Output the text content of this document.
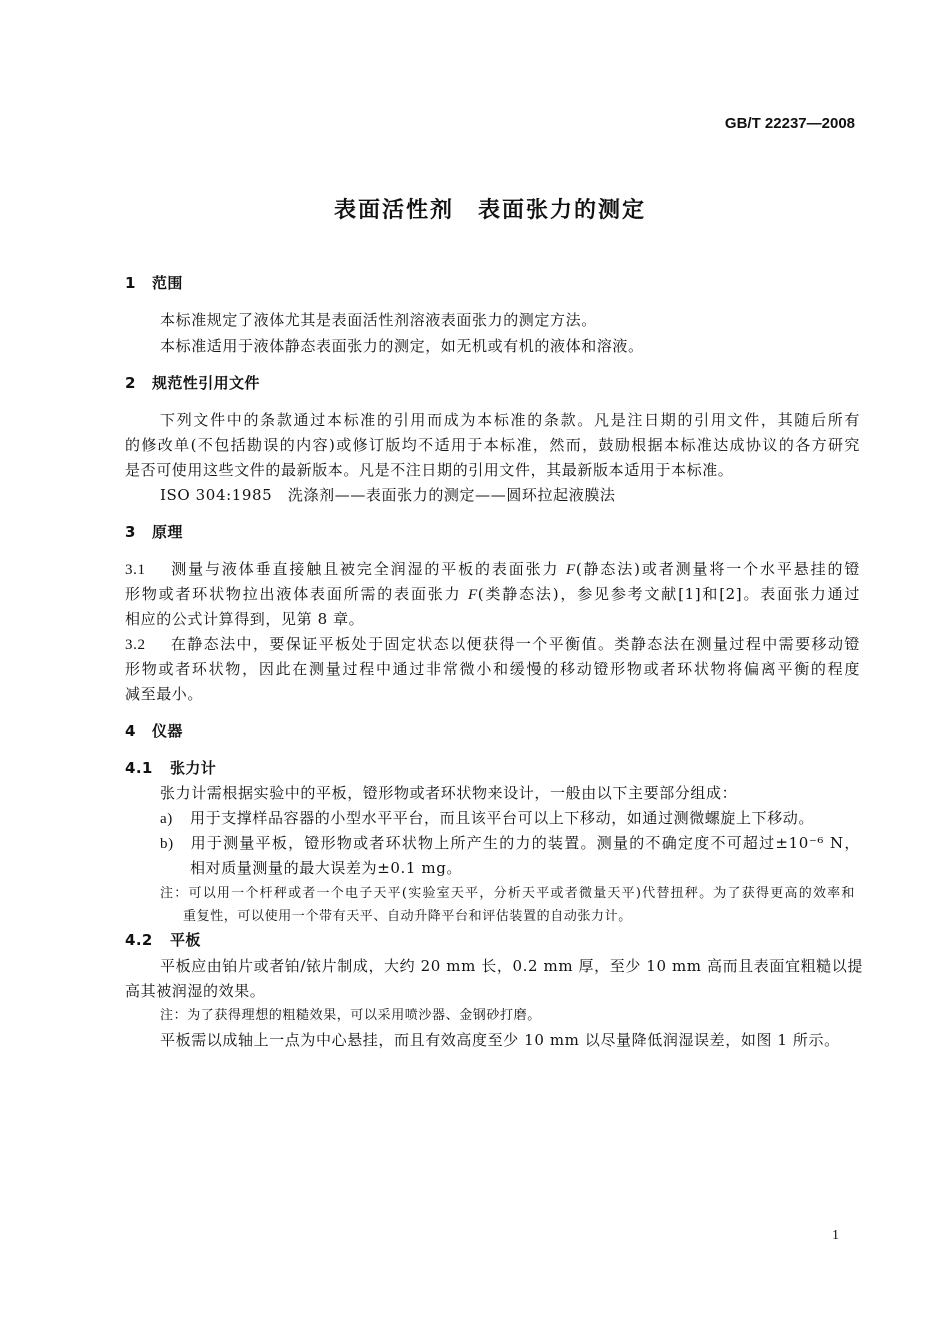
GB/T 22237—2008
表面活性剂　表面张力的测定
1 范围
本标准规定了液体尤其是表面活性剂溶液表面张力的测定方法。
本标准适用于液体静态表面张力的测定，如无机或有机的液体和溶液。
2 规范性引用文件
下列文件中的条款通过本标准的引用而成为本标准的条款。凡是注日期的引用文件，其随后所有
的修改单(不包括勘误的内容)或修订版均不适用于本标准，然而，鼓励根据本标准达成协议的各方研究
是否可使用这些文件的最新版本。凡是不注日期的引用文件，其最新版本适用于本标准。
ISO 304:1985　洗涤剂——表面张力的测定——圆环拉起液膜法
3 原理
3.1 测量与液体垂直接触且被完全润湿的平板的表面张力 F(静态法)或者测量将一个水平悬挂的镫
形物或者环状物拉出液体表面所需的表面张力 F(类静态法)，参见参考文献[1]和[2]。表面张力通过
相应的公式计算得到，见第 8 章。
3.2 在静态法中，要保证平板处于固定状态以便获得一个平衡值。类静态法在测量过程中需要移动镫
形物或者环状物，因此在测量过程中通过非常微小和缓慢的移动镫形物或者环状物将偏离平衡的程度
减至最小。
4 仪器
4.1 张力计
张力计需根据实验中的平板，镫形物或者环状物来设计，一般由以下主要部分组成：
a) 用于支撑样品容器的小型水平平台，而且该平台可以上下移动，如通过测微螺旋上下移动。
b) 用于测量平板，镫形物或者环状物上所产生的力的装置。测量的不确定度不可超过±10⁻⁶ N，
相对质量测量的最大误差为±0.1 mg。
注：可以用一个杆秤或者一个电子天平(实验室天平，分析天平或者微量天平)代替扭秤。为了获得更高的效率和
重复性，可以使用一个带有天平、自动升降平台和评估装置的自动张力计。
4.2 平板
平板应由铂片或者铂/铱片制成，大约 20 mm 长，0.2 mm 厚，至少 10 mm 高而且表面宜粗糙以提
高其被润湿的效果。
注：为了获得理想的粗糙效果，可以采用喷沙器、金钢砂打磨。
平板需以成轴上一点为中心悬挂，而且有效高度至少 10 mm 以尽量降低润湿误差，如图 1 所示。
1
